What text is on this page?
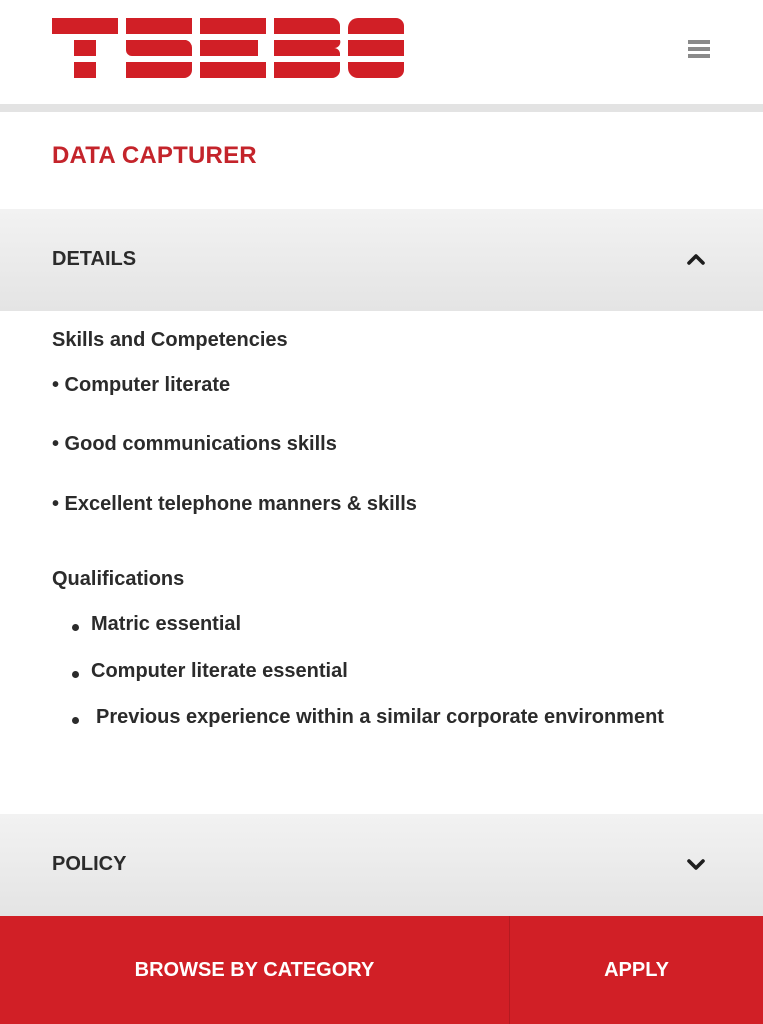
DATA CAPTURER
DETAILS
Skills and Competencies
• Computer literate
• Good communications skills
• Excellent telephone manners & skills
Qualifications
Matric essential
Computer literate essential
Previous experience within a similar corporate environment
POLICY
BROWSE BY CATEGORY	APPLY
